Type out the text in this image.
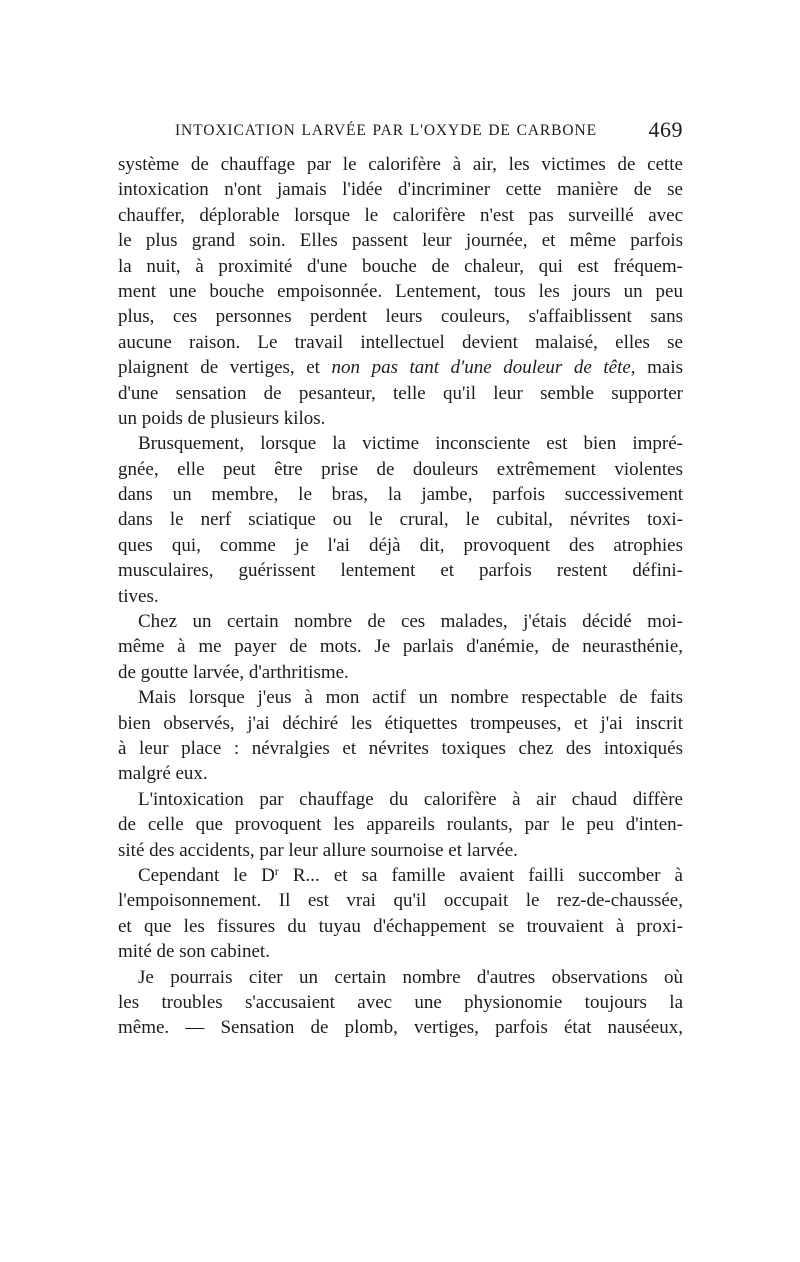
INTOXICATION LARVÉE PAR L'OXYDE DE CARBONE 469
système de chauffage par le calorifère à air, les victimes de cette
intoxication n'ont jamais l'idée d'incriminer cette manière de se
chauffer, déplorable lorsque le calorifère n'est pas surveillé avec
le plus grand soin. Elles passent leur journée, et même parfois
la nuit, à proximité d'une bouche de chaleur, qui est fréquem-
ment une bouche empoisonnée. Lentement, tous les jours un peu
plus, ces personnes perdent leurs couleurs, s'affaiblissent sans
aucune raison. Le travail intellectuel devient malaisé, elles se
plaignent de vertiges, et non pas tant d'une douleur de tête, mais
d'une sensation de pesanteur, telle qu'il leur semble supporter
un poids de plusieurs kilos.
Brusquement, lorsque la victime inconsciente est bien impré-
gnée, elle peut être prise de douleurs extrêmement violentes
dans un membre, le bras, la jambe, parfois successivement
dans le nerf sciatique ou le crural, le cubital, névrites toxi-
ques qui, comme je l'ai déjà dit, provoquent des atrophies
musculaires, guérissent lentement et parfois restent défini-
tives.
Chez un certain nombre de ces malades, j'étais décidé moi-
même à me payer de mots. Je parlais d'anémie, de neurasthénie,
de goutte larvée, d'arthritisme.
Mais lorsque j'eus à mon actif un nombre respectable de faits
bien observés, j'ai déchiré les étiquettes trompeuses, et j'ai inscrit
à leur place : névralgies et névrites toxiques chez des intoxiqués
malgré eux.
L'intoxication par chauffage du calorifère à air chaud diffère
de celle que provoquent les appareils roulants, par le peu d'inten-
sité des accidents, par leur allure sournoise et larvée.
Cependant le $D^r$ R... et sa famille avaient failli succomber à
l'empoisonnement. Il est vrai qu'il occupait le rez-de-chaussée,
et que les fissures du tuyau d'échappement se trouvaient à proxi-
mité de son cabinet.
Je pourrais citer un certain nombre d'autres observations où
les troubles s'accusaient avec une physionomie toujours la
même. — Sensation de plomb, vertiges, parfois état nauséeux,
